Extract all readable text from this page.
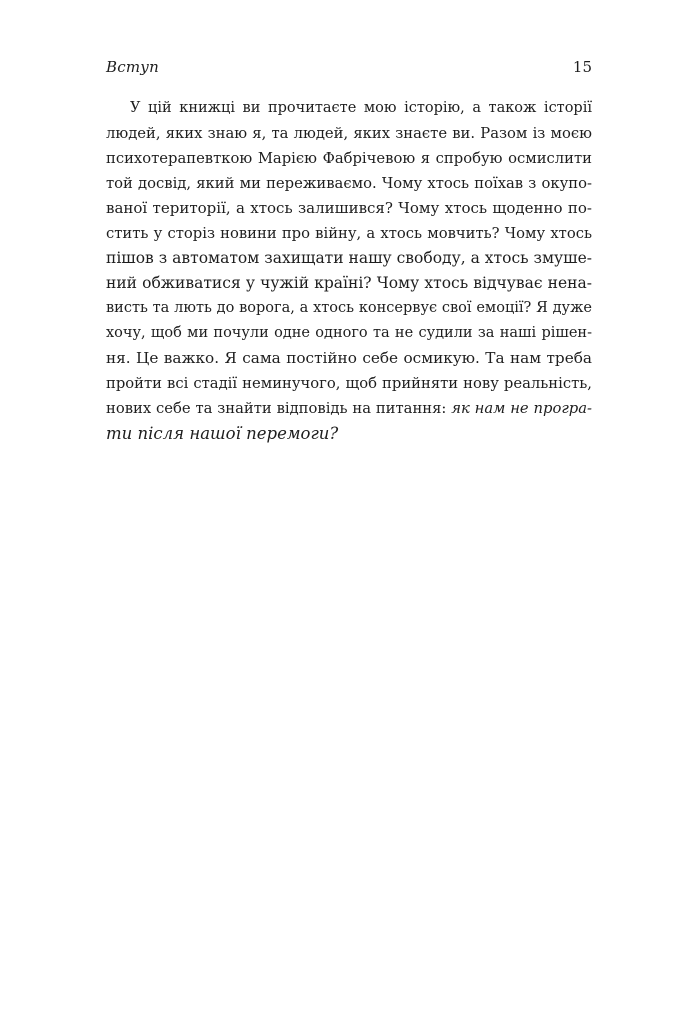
Вступ	15
У цій книжці ви прочитаєте мою історію, а також історії
людей, яких знаю я, та людей, яких знаєте ви. Разом із моєю
психотерапевткою Марією Фабрічевою я спробую осмислити
той досвід, який ми переживаємо. Чому хтось поїхав з окупо-
ваної території, а хтось залишився? Чому хтось щоденно по-
стить у сторіз новини про війну, а хтось мовчить? Чому хтось
пішов з автоматом захищати нашу свободу, а хтось змуше-
ний обживатися у чужій країні? Чому хтось відчуває нена-
висть та лють до ворога, а хтось консервує свої емоції? Я дуже
хочу, щоб ми почули одне одного та не судили за наші рішен-
ня. Це важко. Я сама постійно себе осмикую. Та нам треба
пройти всі стадії неминучого, щоб прийняти нову реальність,
нових себе та знайти відповідь на питання: як нам не програ-
ти після нашої перемоги?
